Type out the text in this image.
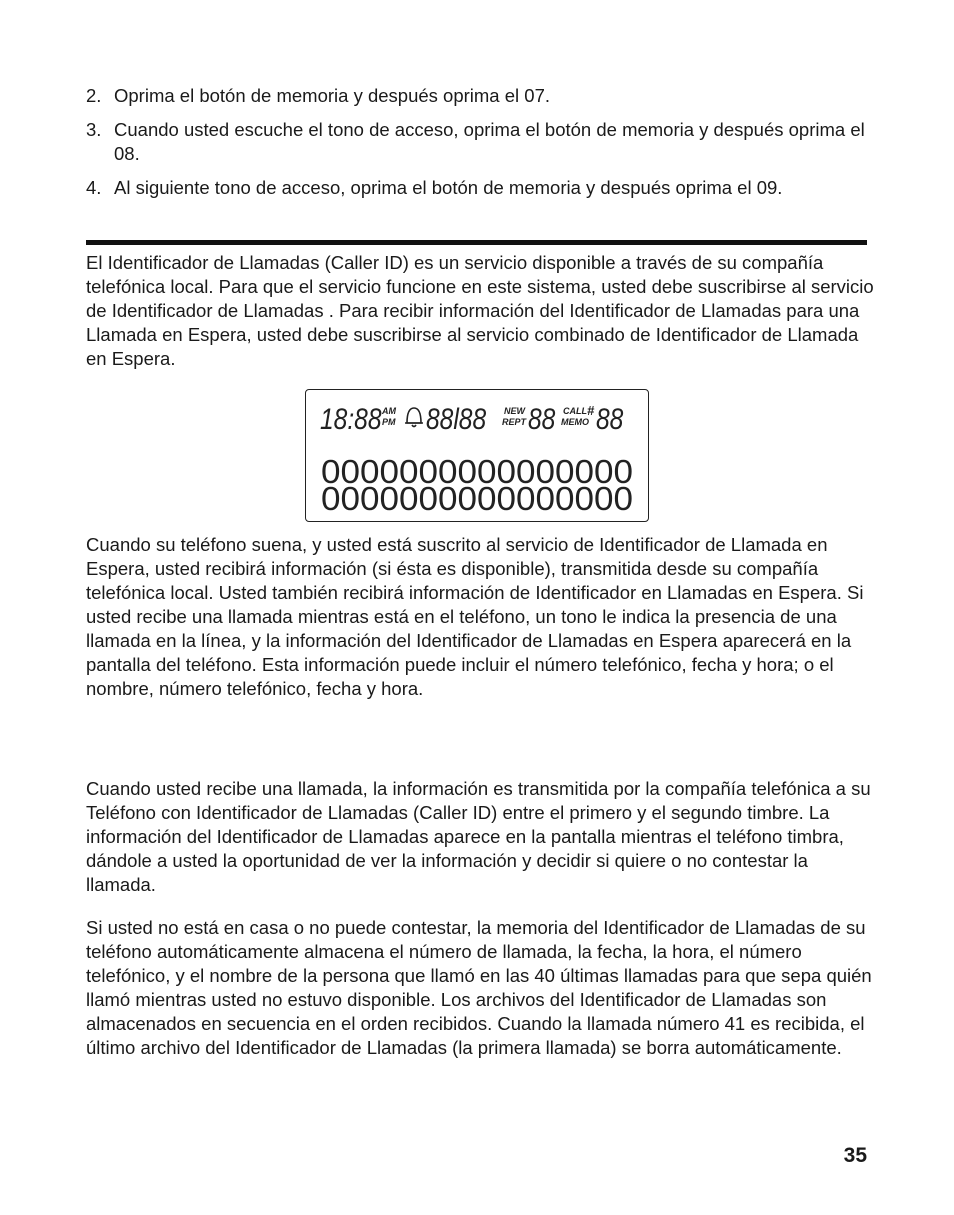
2. Oprima el botón de memoria y después oprima el 07.
3. Cuando usted escuche el tono de acceso, oprima el botón de memoria y después oprima el 08.
4. Al siguiente tono de acceso, oprima el botón de memoria y después oprima el 09.

El Identificador de Llamadas (Caller ID) es un servicio disponible a través de su compañía telefónica local. Para que el servicio funcione en este sistema, usted debe suscribirse al servicio de Identificador de Llamadas . Para recibir información del Identificador de Llamadas para una Llamada en Espera, usted debe suscribirse al servicio combinado de Identificador de Llamada en Espera.

18:88 AM
PM 88l88 NEW
REPT 88 CALL
MEMO
# 88
0000000000000000
0000000000000000

Cuando su teléfono suena, y usted está suscrito al servicio de Identificador de Llamada en Espera, usted recibirá información (si ésta es disponible), transmitida desde su compañía telefónica local. Usted también recibirá información de Identificador en Llamadas en Espera. Si usted recibe una llamada mientras está en el teléfono, un tono le indica la presencia de una llamada en la línea, y la información del Identificador de Llamadas en Espera aparecerá en la pantalla del teléfono. Esta información puede incluir el número telefónico, fecha y hora; o el nombre, número telefónico, fecha y hora.

Cuando usted recibe una llamada, la información es transmitida por la compañía telefónica a su Teléfono con Identificador de Llamadas (Caller ID) entre el primero y el segundo timbre. La información del Identificador de Llamadas aparece en la pantalla mientras el teléfono timbra, dándole a usted la oportunidad de ver la información y decidir si quiere o no contestar la llamada.

Si usted no está en casa o no puede contestar, la memoria del Identificador de Llamadas de su teléfono automáticamente almacena el número de llamada, la fecha, la hora, el número telefónico, y el nombre de la persona que llamó en las 40 últimas llamadas para que sepa quién llamó mientras usted no estuvo disponible. Los archivos del Identificador de Llamadas son almacenados en secuencia en el orden recibidos. Cuando la llamada número 41 es recibida, el último archivo del Identificador de Llamadas (la primera llamada) se borra automáticamente.

35
